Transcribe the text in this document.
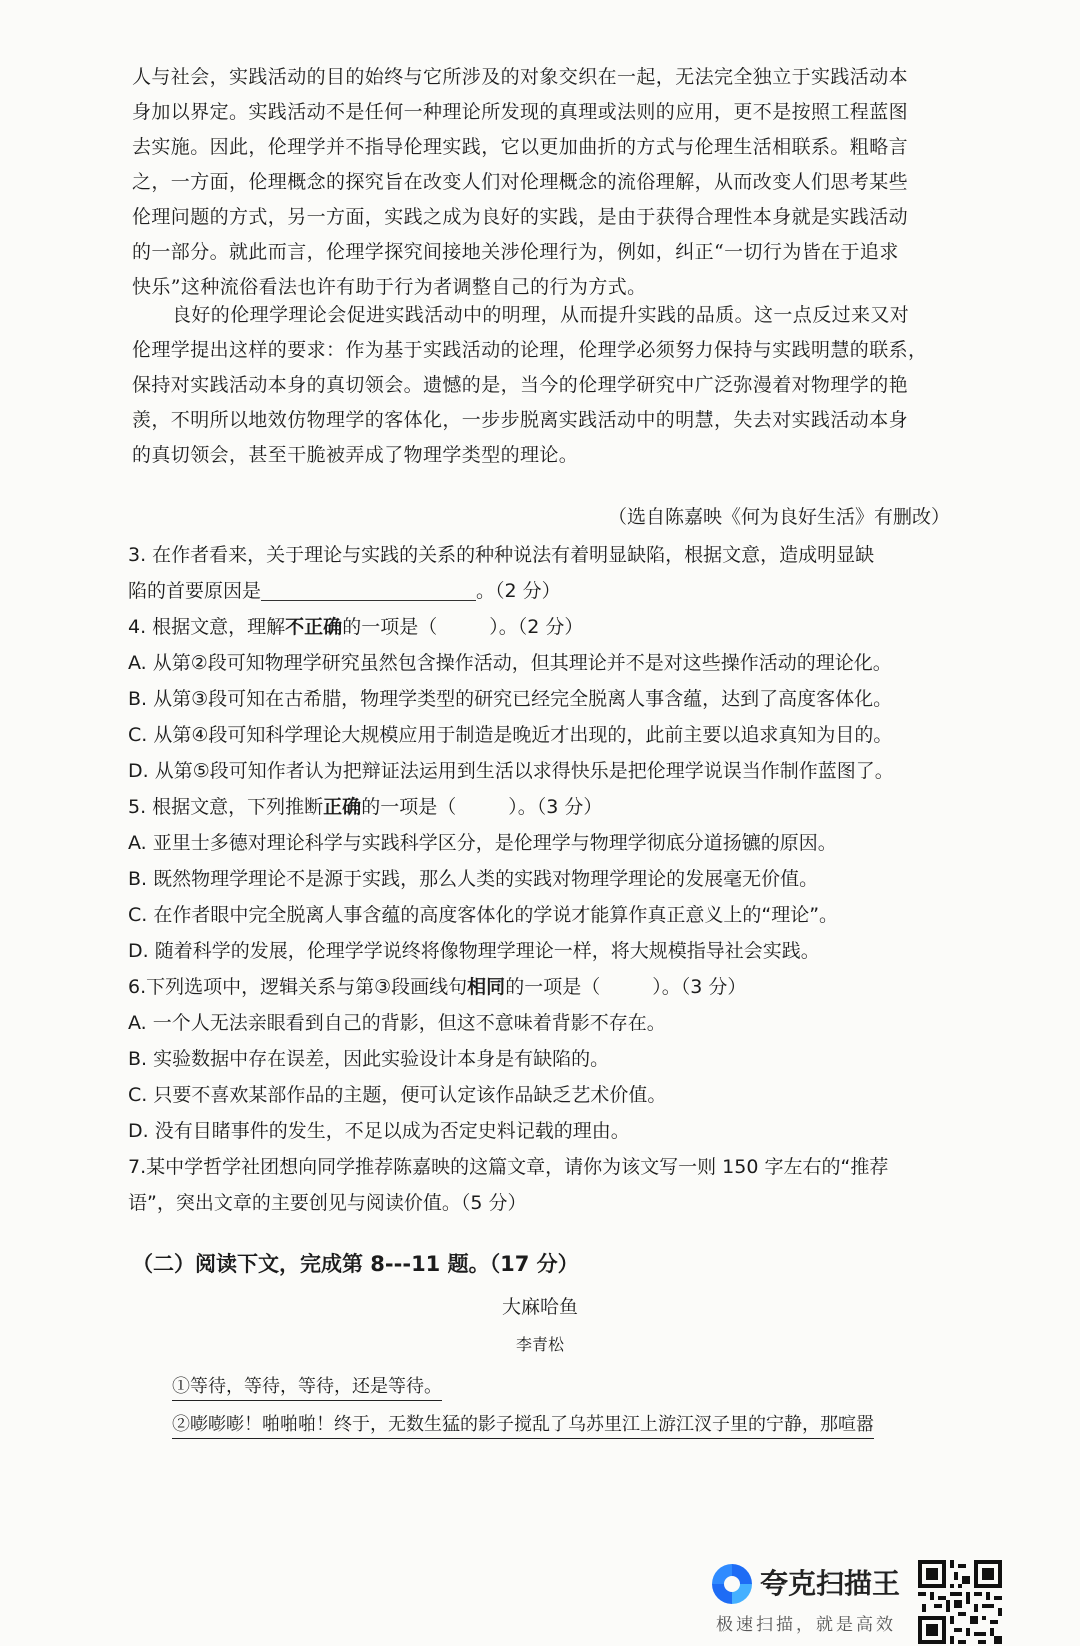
人与社会，实践活动的目的始终与它所涉及的对象交织在一起，无法完全独立于实践活动本
身加以界定。实践活动不是任何一种理论所发现的真理或法则的应用，更不是按照工程蓝图
去实施。因此，伦理学并不指导伦理实践，它以更加曲折的方式与伦理生活相联系。粗略言
之，一方面，伦理概念的探究旨在改变人们对伦理概念的流俗理解，从而改变人们思考某些
伦理问题的方式，另一方面，实践之成为良好的实践，是由于获得合理性本身就是实践活动
的一部分。就此而言，伦理学探究间接地关涉伦理行为，例如，纠正“一切行为皆在于追求
快乐”这种流俗看法也许有助于行为者调整自己的行为方式。
良好的伦理学理论会促进实践活动中的明理，从而提升实践的品质。这一点反过来又对
伦理学提出这样的要求：作为基于实践活动的论理，伦理学必须努力保持与实践明慧的联系，
保持对实践活动本身的真切领会。遗憾的是，当今的伦理学研究中广泛弥漫着对物理学的艳
羡，不明所以地效仿物理学的客体化，一步步脱离实践活动中的明慧，失去对实践活动本身
的真切领会，甚至干脆被弄成了物理学类型的理论。
（选自陈嘉映《何为良好生活》有删改）
3. 在作者看来，关于理论与实践的关系的种种说法有着明显缺陷，根据文意，造成明显缺
陷的首要原因是	。（2 分）
4. 根据文意，理解不正确的一项是（	）。（2 分）
A. 从第②段可知物理学研究虽然包含操作活动，但其理论并不是对这些操作活动的理论化。
B. 从第③段可知在古希腊，物理学类型的研究已经完全脱离人事含蕴，达到了高度客体化。
C. 从第④段可知科学理论大规模应用于制造是晚近才出现的，此前主要以追求真知为目的。
D. 从第⑤段可知作者认为把辩证法运用到生活以求得快乐是把伦理学说误当作制作蓝图了。
5. 根据文意，下列推断正确的一项是（	）。（3 分）
A. 亚里士多德对理论科学与实践科学区分，是伦理学与物理学彻底分道扬镳的原因。
B. 既然物理学理论不是源于实践，那么人类的实践对物理学理论的发展毫无价值。
C. 在作者眼中完全脱离人事含蕴的高度客体化的学说才能算作真正意义上的“理论”。
D. 随着科学的发展，伦理学学说终将像物理学理论一样，将大规模指导社会实践。
6.下列选项中，逻辑关系与第③段画线句相同的一项是（	）。（3 分）
A. 一个人无法亲眼看到自己的背影，但这不意味着背影不存在。
B. 实验数据中存在误差，因此实验设计本身是有缺陷的。
C. 只要不喜欢某部作品的主题，便可认定该作品缺乏艺术价值。
D. 没有目睹事件的发生，不足以成为否定史料记载的理由。
7.某中学哲学社团想向同学推荐陈嘉映的这篇文章，请你为该文写一则 150 字左右的“推荐
语”，突出文章的主要创见与阅读价值。（5 分）
（二）阅读下文，完成第 8---11 题。（17 分）
大麻哈鱼
李青松
①等待，等待，等待，还是等待。
②嘭嘭嘭！啪啪啪！终于，无数生猛的影子搅乱了乌苏里江上游江汊子里的宁静，那喧嚣
夸克扫描王
极速扫描，就是高效
